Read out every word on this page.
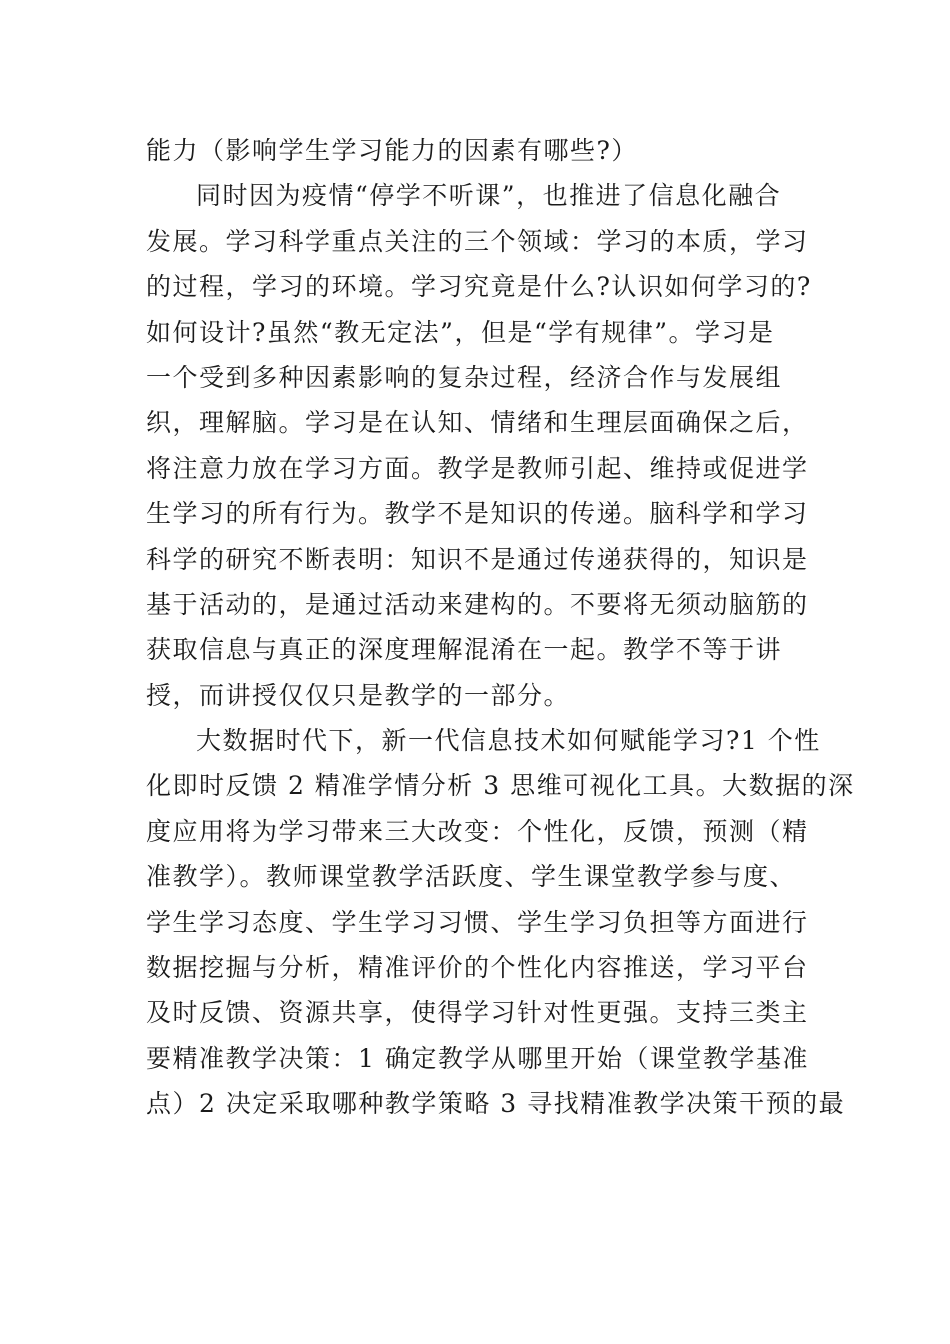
能力（影响学生学习能力的因素有哪些?）
同时因为疫情“停学不听课”，也推进了信息化融合
发展。学习科学重点关注的三个领域：学习的本质，学习
的过程，学习的环境。学习究竟是什么?认识如何学习的?
如何设计?虽然“教无定法”，但是“学有规律”。学习是
一个受到多种因素影响的复杂过程，经济合作与发展组
织，理解脑。学习是在认知、情绪和生理层面确保之后，
将注意力放在学习方面。教学是教师引起、维持或促进学
生学习的所有行为。教学不是知识的传递。脑科学和学习
科学的研究不断表明：知识不是通过传递获得的，知识是
基于活动的，是通过活动来建构的。不要将无须动脑筋的
获取信息与真正的深度理解混淆在一起。教学不等于讲
授，而讲授仅仅只是教学的一部分。
大数据时代下，新一代信息技术如何赋能学习?1 个性
化即时反馈 2 精准学情分析 3 思维可视化工具。大数据的深
度应用将为学习带来三大改变：个性化，反馈，预测（精
准教学）。教师课堂教学活跃度、学生课堂教学参与度、
学生学习态度、学生学习习惯、学生学习负担等方面进行
数据挖掘与分析，精准评价的个性化内容推送，学习平台
及时反馈、资源共享，使得学习针对性更强。支持三类主
要精准教学决策：1 确定教学从哪里开始（课堂教学基准
点）2 决定采取哪种教学策略 3 寻找精准教学决策干预的最
